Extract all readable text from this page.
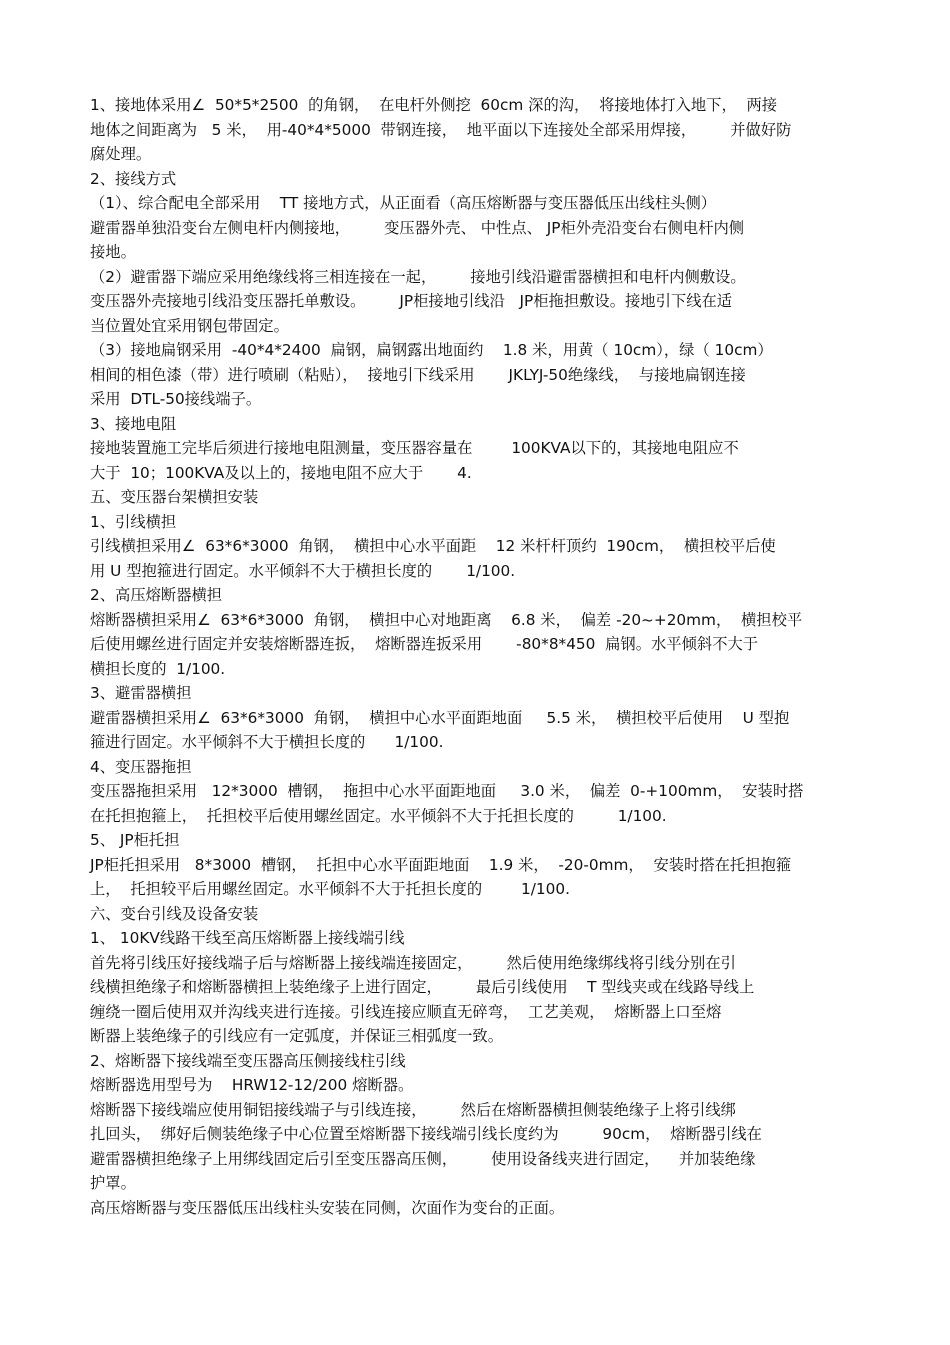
1、接地体采用∠  50*5*2500  的角钢，  在电杆外侧挖  60cm 深的沟，  将接地体打入地下，  两接
地体之间距离为   5 米，  用-40*4*5000  带钢连接，  地平面以下连接处全部采用焊接，       并做好防
腐处理。
2、接线方式
（1）、综合配电全部采用    TT 接地方式，从正面看（高压熔断器与变压器低压出线柱头侧）
避雷器单独沿变台左侧电杆内侧接地，       变压器外壳、 中性点、 JP柜外壳沿变台右侧电杆内侧
接地。
（2）避雷器下端应采用绝缘线将三相连接在一起，       接地引线沿避雷器横担和电杆内侧敷设。
变压器外壳接地引线沿变压器托单敷设。       JP柜接地引线沿   JP柜拖担敷设。接地引下线在适
当位置处宜采用钢包带固定。
（3）接地扁钢采用  -40*4*2400  扁钢，扁钢露出地面约    1.8 米，用黄（ 10cm），绿（ 10cm）
相间的相色漆（带）进行喷刷（粘贴），  接地引下线采用       JKLYJ-50绝缘线，  与接地扁钢连接
采用  DTL-50接线端子。
3、接地电阻
接地装置施工完毕后须进行接地电阻测量，变压器容量在        100KVA以下的，其接地电阻应不
大于  10；100KVA及以上的，接地电阻不应大于       4.
五、变压器台架横担安装
1、引线横担
引线横担采用∠  63*6*3000  角钢，  横担中心水平面距    12 米杆杆顶约  190cm，  横担校平后使
用 U 型抱箍进行固定。水平倾斜不大于横担长度的       1/100.
2、高压熔断器横担
熔断器横担采用∠  63*6*3000  角钢，  横担中心对地距离    6.8 米，  偏差 -20~+20mm，  横担校平
后使用螺丝进行固定并安装熔断器连扳，  熔断器连扳采用       -80*8*450  扁钢。水平倾斜不大于
横担长度的  1/100.
3、避雷器横担
避雷器横担采用∠  63*6*3000  角钢，  横担中心水平面距地面     5.5 米，  横担校平后使用    U 型抱
箍进行固定。水平倾斜不大于横担长度的      1/100.
4、变压器拖担
变压器拖担采用   12*3000  槽钢，  拖担中心水平面距地面     3.0 米，  偏差  0-+100mm，  安装时搭
在托担抱箍上，  托担校平后使用螺丝固定。水平倾斜不大于托担长度的         1/100.
5、 JP柜托担
JP柜托担采用   8*3000  槽钢，  托担中心水平面距地面    1.9 米，  -20-0mm，  安装时搭在托担抱箍
上，  托担较平后用螺丝固定。水平倾斜不大于托担长度的        1/100.
六、变台引线及设备安装
1、 10KV线路干线至高压熔断器上接线端引线
首先将引线压好接线端子后与熔断器上接线端连接固定，       然后使用绝缘绑线将引线分别在引
线横担绝缘子和熔断器横担上装绝缘子上进行固定，       最后引线使用    T 型线夹或在线路导线上
缠绕一圈后使用双并沟线夹进行连接。引线连接应顺直无碎弯，  工艺美观，  熔断器上口至熔
断器上装绝缘子的引线应有一定弧度，并保证三相弧度一致。
2、熔断器下接线端至变压器高压侧接线柱引线
熔断器选用型号为    HRW12-12/200 熔断器。
熔断器下接线端应使用铜铝接线端子与引线连接，       然后在熔断器横担侧装绝缘子上将引线绑
扎回头，  绑好后侧装绝缘子中心位置至熔断器下接线端引线长度约为         90cm，  熔断器引线在
避雷器横担绝缘子上用绑线固定后引至变压器高压侧，       使用设备线夹进行固定，    并加装绝缘
护罩。
高压熔断器与变压器低压出线柱头安装在同侧，次面作为变台的正面。
